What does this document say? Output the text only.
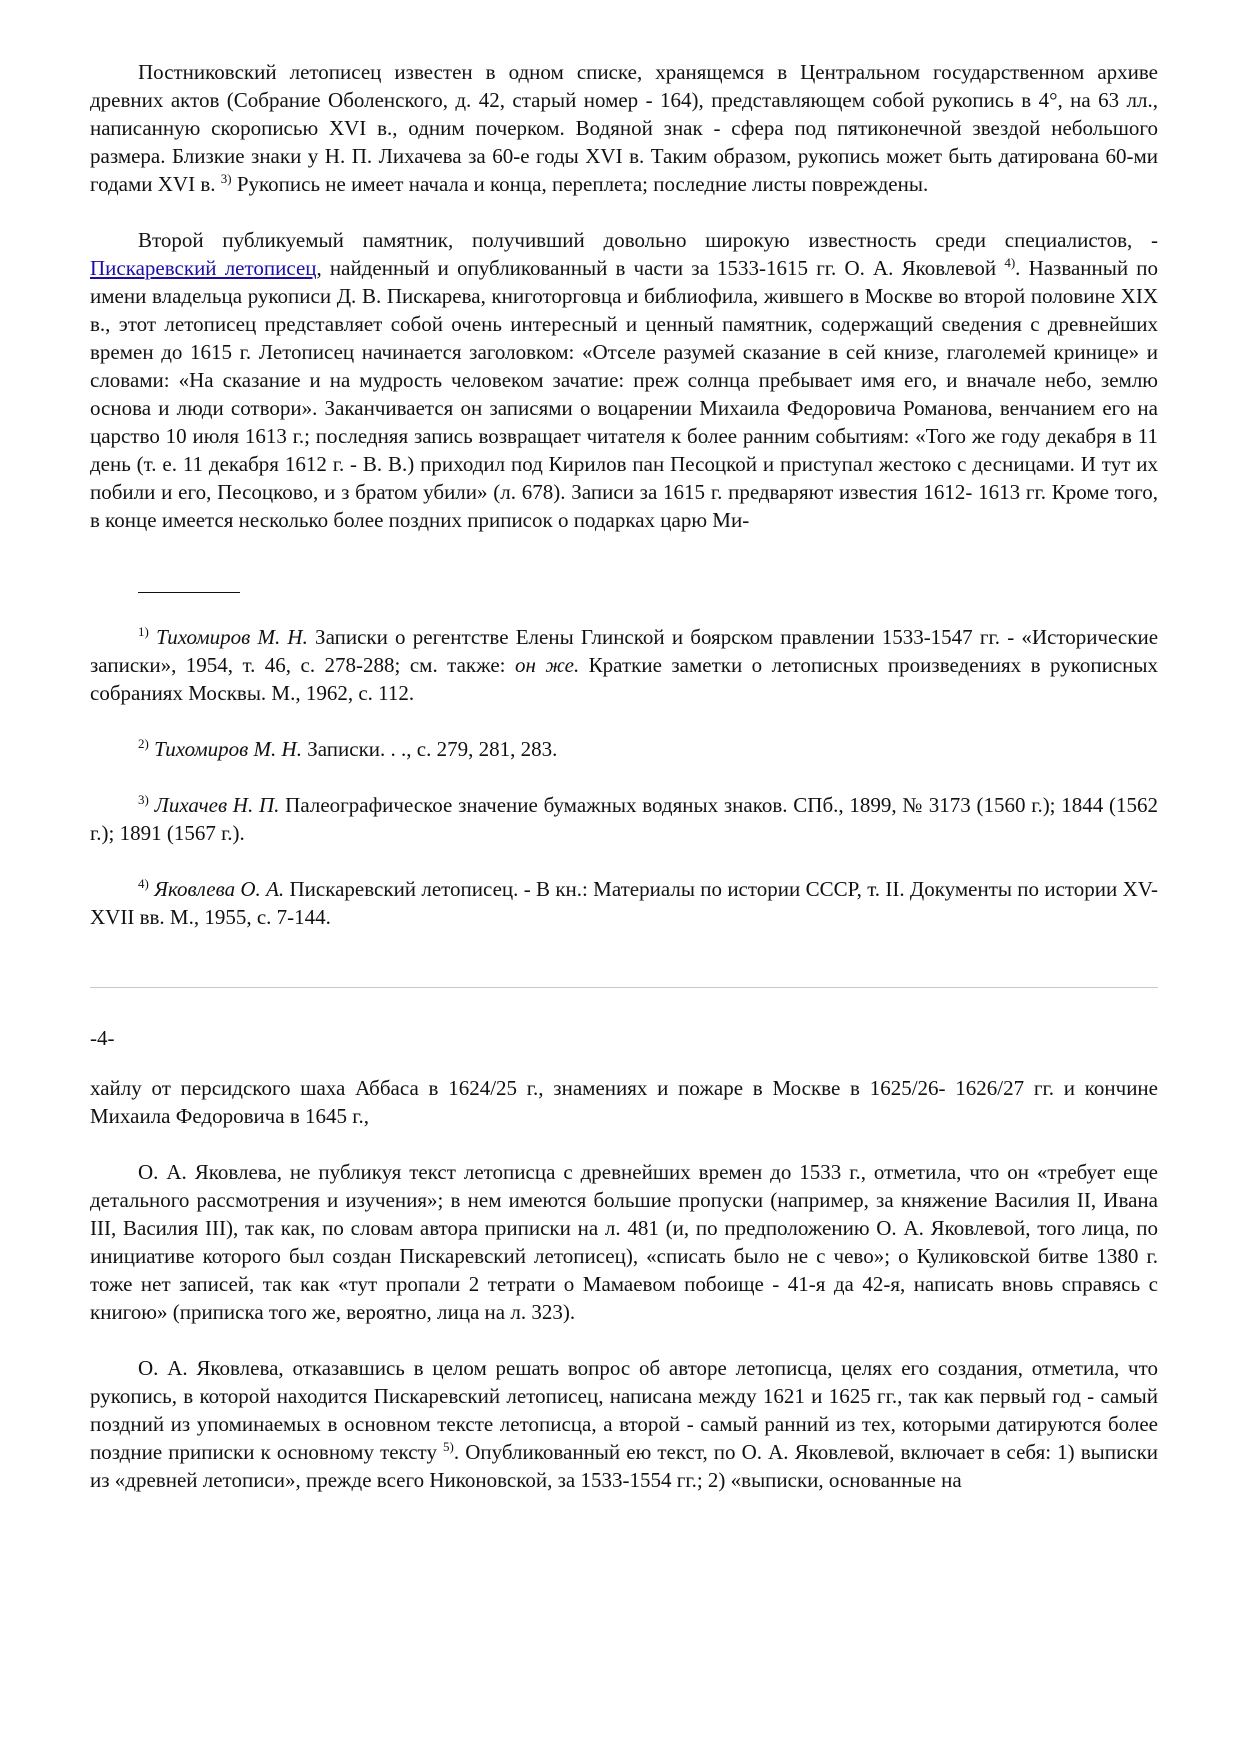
Постниковский летописец известен в одном списке, хранящемся в Центральном государственном архиве древних актов (Собрание Оболенского, д. 42, старый номер - 164), представляющем собой рукопись в 4°, на 63 лл., написанную скорописью XVI в., одним почерком. Водяной знак - сфера под пятиконечной звездой небольшого размера. Близкие знаки у Н. П. Лихачева за 60-е годы XVI в. Таким образом, рукопись может быть датирована 60-ми годами XVI в. $^{3)}$ Рукопись не имеет начала и конца, переплета; последние листы повреждены.

Второй публикуемый памятник, получивший довольно широкую известность среди специалистов, - Пискаревский летописец, найденный и опубликованный в части за 1533-1615 гг. О. А. Яковлевой $^{4)}$. Названный по имени владельца рукописи Д. В. Пискарева, книготорговца и библиофила, жившего в Москве во второй половине XIX в., этот летописец представляет собой очень интересный и ценный памятник, содержащий сведения с древнейших времен до 1615 г. Летописец начинается заголовком: «Отселе разумей сказание в сей книзе, глаголемей кринице» и словами: «На сказание и на мудрость человеком зачатие: преж солнца пребывает имя его, и вначале небо, землю основа и люди сотвори». Заканчивается он записями о воцарении Михаила Федоровича Романова, венчанием его на царство 10 июля 1613 г.; последняя запись возвращает читателя к более ранним событиям: «Того же году декабря в 11 день (т. е. 11 декабря 1612 г. - В. В.) приходил под Кирилов пан Песоцкой и приступал жестоко с десницами. И тут их побили и его, Песоцково, и з братом убили» (л. 678). Записи за 1615 г. предваряют известия 1612- 1613 гг. Кроме того, в конце имеется несколько более поздних приписок о подарках царю Ми-

$^{1)}$ Тихомиров М. Н. Записки о регентстве Елены Глинской и боярском правлении 1533-1547 гг. - «Исторические записки», 1954, т. 46, с. 278-288; см. также: он же. Краткие заметки о летописных произведениях в рукописных собраниях Москвы. М., 1962, с. 112.

$^{2)}$ Тихомиров М. Н. Записки. . ., с. 279, 281, 283.

$^{3)}$ Лихачев Н. П. Палеографическое значение бумажных водяных знаков. СПб., 1899, № 3173 (1560 г.); 1844 (1562 г.); 1891 (1567 г.).

$^{4)}$ Яковлева О. А. Пискаревский летописец. - В кн.: Материалы по истории СССР, т. II. Документы по истории XV-XVII вв. М., 1955, с. 7-144.

-4-

хайлу от персидского шаха Аббаса в 1624/25 г., знамениях и пожаре в Москве в 1625/26- 1626/27 гг. и кончине Михаила Федоровича в 1645 г.,

О. А. Яковлева, не публикуя текст летописца с древнейших времен до 1533 г., отметила, что он «требует еще детального рассмотрения и изучения»; в нем имеются большие пропуски (например, за княжение Василия II, Ивана III, Василия III), так как, по словам автора приписки на л. 481 (и, по предположению О. А. Яковлевой, того лица, по инициативе которого был создан Пискаревский летописец), «списать было не с чево»; о Куликовской битве 1380 г. тоже нет записей, так как «тут пропали 2 тетрати о Мамаевом побоище - 41-я да 42-я, написать вновь справясь с книгою» (приписка того же, вероятно, лица на л. 323).

О. А. Яковлева, отказавшись в целом решать вопрос об авторе летописца, целях его создания, отметила, что рукопись, в которой находится Пискаревский летописец, написана между 1621 и 1625 гг., так как первый год - самый поздний из упоминаемых в основном тексте летописца, а второй - самый ранний из тех, которыми датируются более поздние приписки к основному тексту $^{5)}$. Опубликованный ею текст, по О. А. Яковлевой, включает в себя: 1) выписки из «древней летописи», прежде всего Никоновской, за 1533-1554 гг.; 2) «выписки, основанные на
